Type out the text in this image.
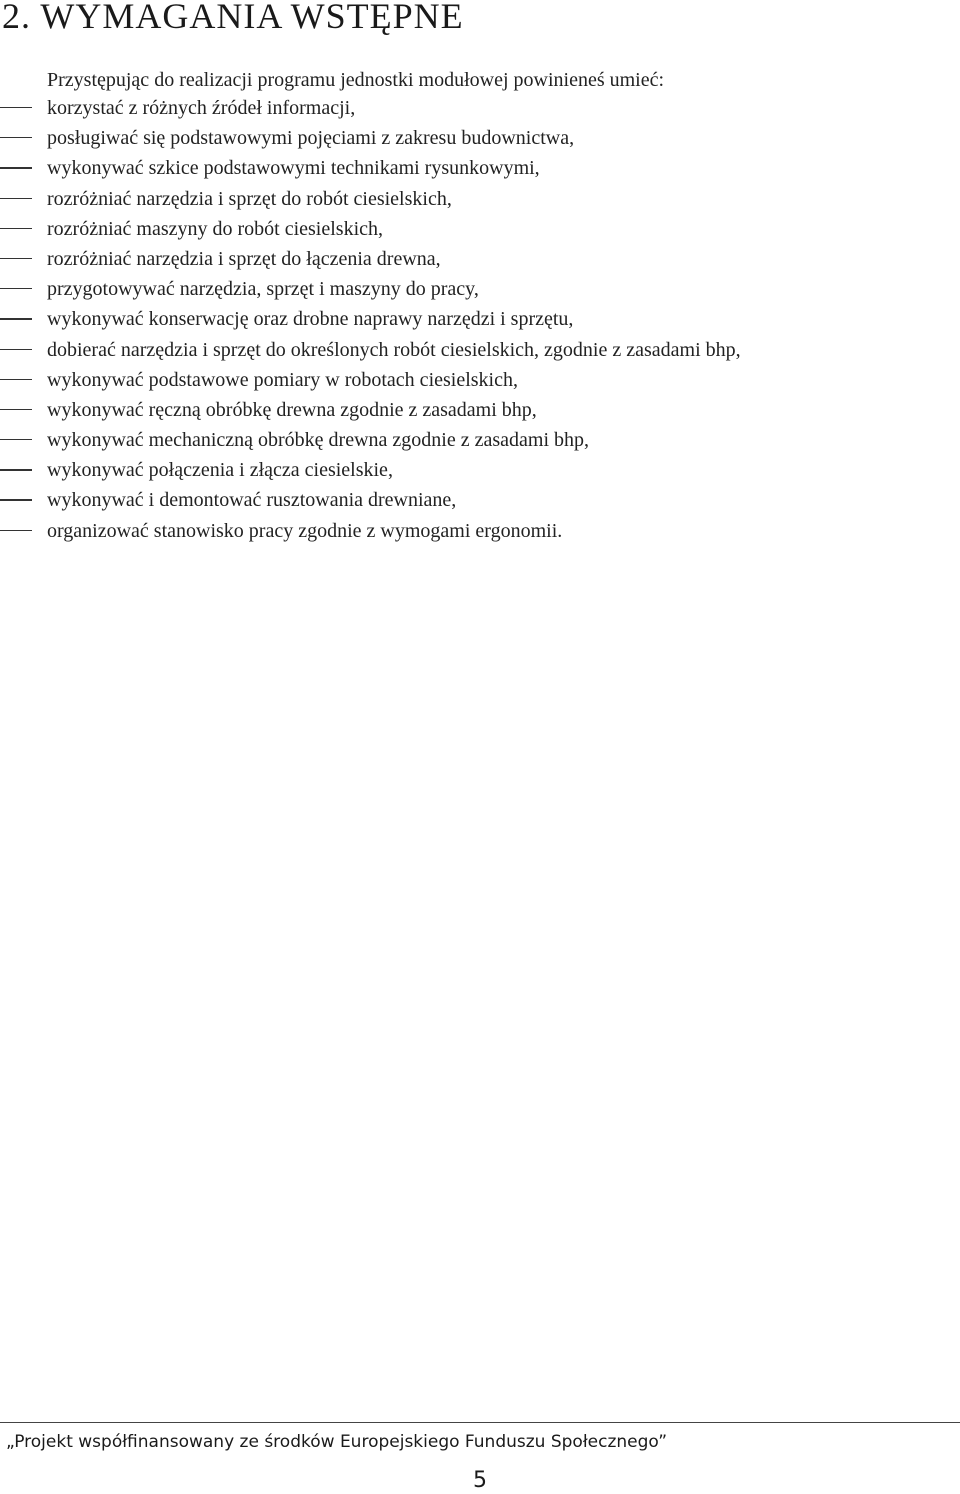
2. WYMAGANIA WSTĘPNE

Przystępując do realizacji programu jednostki modułowej powinieneś umieć:

korzystać z różnych źródeł informacji,
posługiwać się podstawowymi pojęciami z zakresu budownictwa,
wykonywać szkice podstawowymi technikami rysunkowymi,
rozróżniać narzędzia i sprzęt do robót ciesielskich,
rozróżniać maszyny do robót ciesielskich,
rozróżniać narzędzia i sprzęt do łączenia drewna,
przygotowywać narzędzia, sprzęt i maszyny do pracy,
wykonywać konserwację oraz drobne naprawy narzędzi i sprzętu,
dobierać narzędzia i sprzęt do określonych robót ciesielskich, zgodnie z zasadami bhp,
wykonywać podstawowe pomiary w robotach ciesielskich,
wykonywać ręczną obróbkę drewna zgodnie z zasadami bhp,
wykonywać mechaniczną obróbkę drewna zgodnie z zasadami bhp,
wykonywać połączenia i złącza ciesielskie,
wykonywać i demontować rusztowania drewniane,
organizować stanowisko pracy zgodnie z wymogami ergonomii.
„Projekt współfinansowany ze środków Europejskiego Funduszu Społecznego”
5
